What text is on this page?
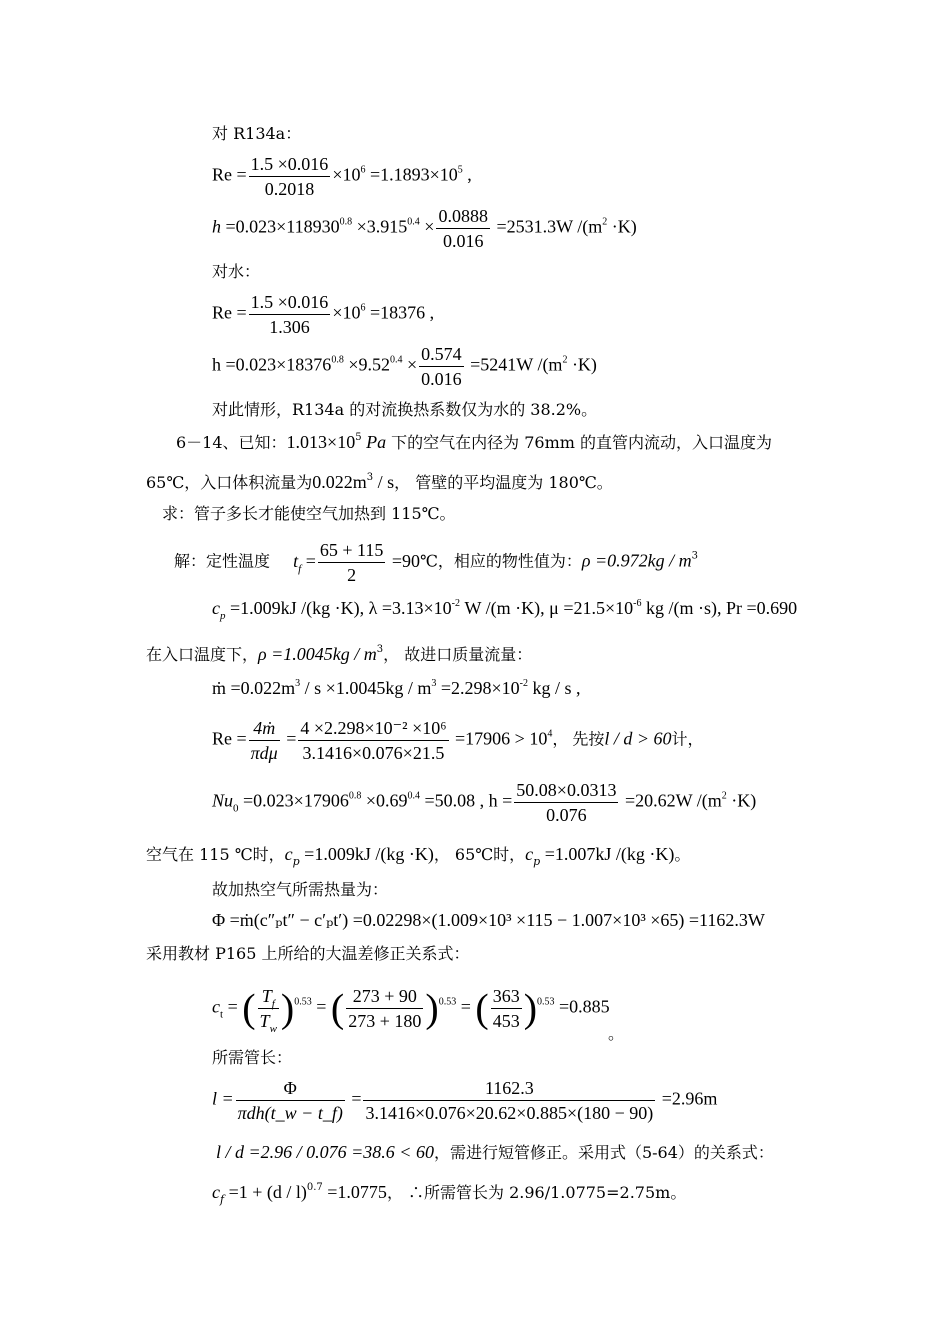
对 R134a：
$Re = \frac{1.5 \times 0.016}{0.2018} \times 10^6 =1.1893\times 10^5$ ,
$h =0.023\times 118930^{0.8} \times 3.915^{0.4} \times \frac{0.0888}{0.016} =2531.3W$ $/(m^2 \cdot K)$
对水：
$Re = \frac{1.5 \times 0.016}{1.306} \times 10^6 =18376$ ,
$h =0.023\times 18376^{0.8} \times 9.52^{0.4} \times \frac{0.574}{0.016} =5241W$ $/(m^2 \cdot K)$
对此情形，R134a 的对流换热系数仅为水的 38.2%。
6－14、已知：$1.013\times 10^5$ Pa 下的空气在内径为 76mm 的直管内流动，入口温度为
65℃，入口体积流量为$0.022m^3$ / s， 管壁的平均温度为 180℃。
求：管子多长才能使空气加热到 115℃。
解：定性温度 $t_f = \frac{65 + 115}{2}$ =90℃，相应的物性值为：$\rho =0.972kg / m^3$
$c_p =1.009kJ$ /(kg ·K), $\lambda =3.13\times 10^{-2}$ W /(m ·K), $\mu =21.5\times 10^{-6}$ kg /(m ·s), Pr =0.690
在入口温度下，$\rho =1.0045kg / m^3$， 故进口质量流量：
ṁ $=0.022m^3 / s \times 1.0045kg / m^3 =2.298\times 10^{-2}$ kg / s ,
$Re = \frac{\text{4ṁ}}{\text{πdμ}} = \frac{\text{4 ×2.298×10⁻² ×10⁶}}{3.1416\times 0.076\times 21.5} =17906 > 10^4$， 先按l / d > 60计，
$Nu_0 =0.023\times 17906^{0.8} \times 0.69^{0.4} =50.08$ , $h = \frac{50.08\times 0.0313}{0.076} =20.62W$ $/(m^2 \cdot K)$
空气在 115 ℃时，$c_p =1.009kJ$ /(kg ·K)， 65℃时，$c_p =1.007kJ$ /(kg ·K)。
故加热空气所需热量为：
Φ =ṁ(c″ₚt″ − c′ₚt′) =0.02298×(1.009×10³ ×115 − 1.007×10³ ×65) =1162.3W
采用教材 P165 上所给的大温差修正关系式：
$c_t$ = ( $\frac{T_f}{T_w} )^{0.53}$ = ( $\frac{273 + 90}{273 + 180} )^{0.53}$ = ( $\frac{363}{453} )^{0.53} =0.885$
。
所需管长：
$l = \frac{\Phi}{\text{πdh(t\_w − t\_f)}} = \frac{1162.3}{3.1416\times 0.076\times 20.62\times 0.885\times(180 - 90)} =2.96m$
l / d =2.96 / 0.076 =38.6 < 60，需进行短管修正。采用式（5-64）的关系式：
$c_f =1 + (d / l)^{0.7} =1.0775$， ∴所需管长为 2.96/1.0775=2.75m。
